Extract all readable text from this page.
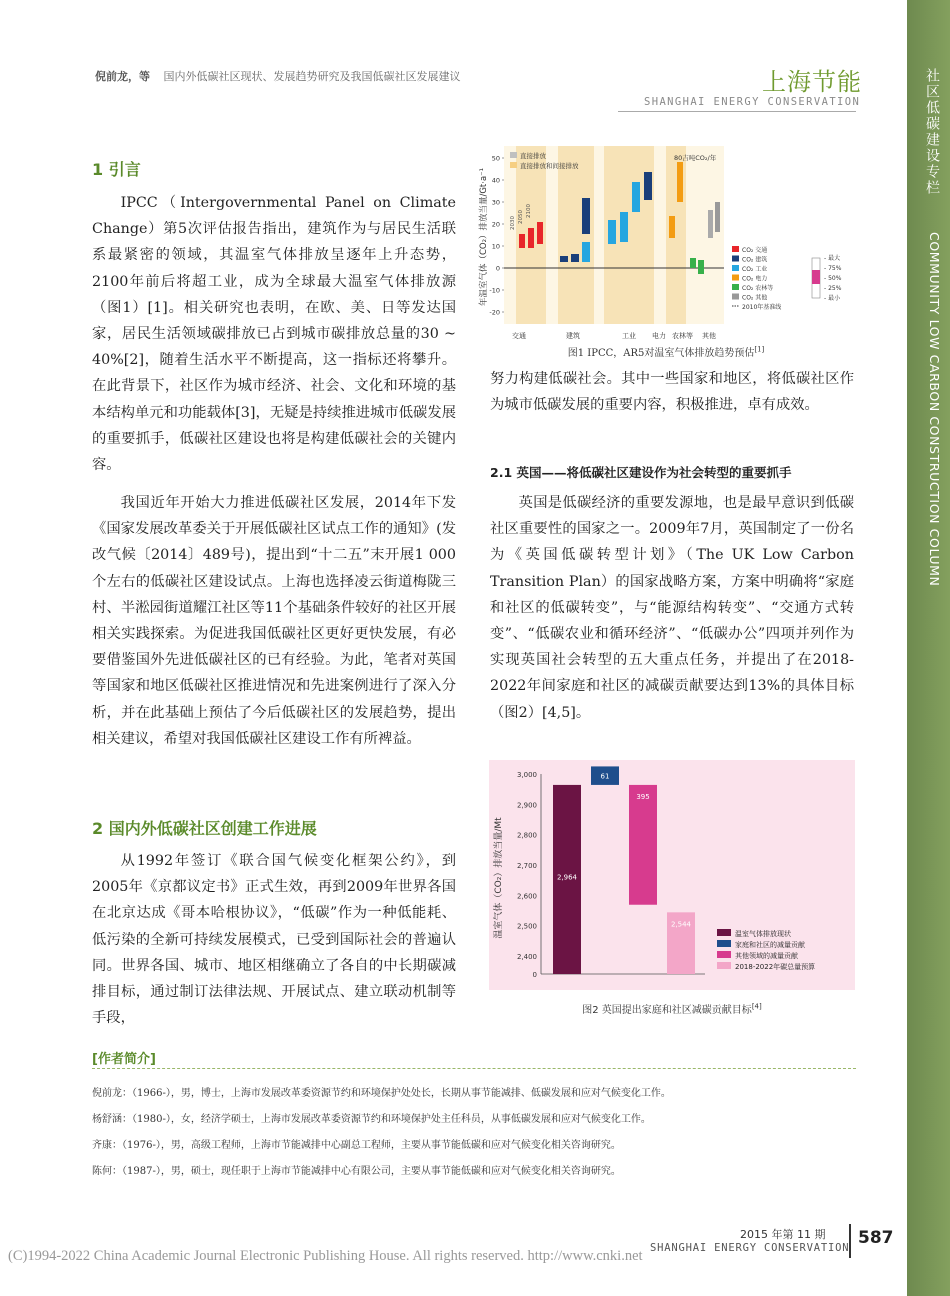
倪前龙，等 国内外低碳社区现状、发展趋势研究及我国低碳社区发展建议	上海节能
SHANGHAI ENERGY CONSERVATION	社区低碳建设专栏
COMMUNITY LOW CARBON CONSTRUCTION COLUMN
1 引言
IPCC（Intergovernmental Panel on Climate Change）第5次评估报告指出，建筑作为与居民生活联系最紧密的领域，其温室气体排放呈逐年上升态势，2100年前后将超工业，成为全球最大温室气体排放源（图1）[1]。相关研究也表明，在欧、美、日等发达国家，居民生活领域碳排放已占到城市碳排放总量的30 ~ 40%[2]，随着生活水平不断提高，这一指标还将攀升。在此背景下，社区作为城市经济、社会、文化和环境的基本结构单元和功能载体[3]，无疑是持续推进城市低碳发展的重要抓手，低碳社区建设也将是构建低碳社会的关键内容。
我国近年开始大力推进低碳社区发展，2014年下发《国家发展改革委关于开展低碳社区试点工作的通知》(发改气候〔2014〕489号)，提出到“十二五”末开展1 000个左右的低碳社区建设试点。上海也选择凌云街道梅陇三村、半淞园街道耀江社区等11个基础条件较好的社区开展相关实践探索。为促进我国低碳社区更好更快发展，有必要借鉴国外先进低碳社区的已有经验。为此，笔者对英国等国家和地区低碳社区推进情况和先进案例进行了深入分析，并在此基础上预估了今后低碳社区的发展趋势，提出相关建议，希望对我国低碳社区建设工作有所裨益。
2 国内外低碳社区创建工作进展
从1992年签订《联合国气候变化框架公约》，到2005年《京都议定书》正式生效，再到2009年世界各国在北京达成《哥本哈根协议》，“低碳”作为一种低能耗、低污染的全新可持续发展模式，已受到国际社会的普遍认同。世界各国、城市、地区相继确立了各自的中长期碳减排目标，通过制订法律法规、开展试点、建立联动机制等手段，
50
40
30
20
10
0
-10
-20
年温室气体（CO₂）排放当量/Gt·a⁻¹
直接排放
直接排放和间接排放
80吉吨CO₂/年
交通	建筑	工业 电力 农林等 其他
2030 2050 2100
CO₂ 交通
CO₂ 建筑
CO₂ 工业
CO₂ 电力
CO₂ 农林等
CO₂ 其他
2010年基准线
- 最大
- 75%
- 50%
- 25%
- 最小
图1 IPCC，AR5对温室气体排放趋势预估[1]
努力构建低碳社会。其中一些国家和地区，将低碳社区作为城市低碳发展的重要内容，积极推进，卓有成效。
2.1 英国——将低碳社区建设作为社会转型的重要抓手
英国是低碳经济的重要发源地，也是最早意识到低碳社区重要性的国家之一。2009年7月，英国制定了一份名为《英国低碳转型计划》（The UK Low Carbon Transition Plan）的国家战略方案，方案中明确将“家庭和社区的低碳转变”，与“能源结构转变”、“交通方式转变”、“低碳农业和循环经济”、“低碳办公”四项并列作为实现英国社会转型的五大重点任务，并提出了在2018-2022年间家庭和社区的减碳贡献要达到13%的具体目标（图2）[4,5]。
温室气体（CO₂）排放当量/Mt
3,000
2,900
2,800
2,700
2,600
2,500
2,400
0
2,964
61
395
2,544
温室气体排放现状
家庭和社区的减量贡献
其他领域的减量贡献
2018-2022年碳总量预算
图2 英国提出家庭和社区减碳贡献目标[4]
[作者简介]
倪前龙：（1966-），男，博士，上海市发展改革委资源节约和环境保护处处长，长期从事节能减排、低碳发展和应对气候变化工作。
杨舒涵：（1980-），女，经济学硕士，上海市发展改革委资源节约和环境保护处主任科员，从事低碳发展和应对气候变化工作。
齐康：（1976-），男，高级工程师，上海市节能减排中心副总工程师，主要从事节能低碳和应对气候变化相关咨询研究。
陈何：（1987-），男，硕士，现任职于上海市节能减排中心有限公司，主要从事节能低碳和应对气候变化相关咨询研究。
2015 年第 11 期
SHANGHAI ENERGY CONSERVATION 587
(C)1994-2022 China Academic Journal Electronic Publishing House. All rights reserved. http://www.cnki.net
